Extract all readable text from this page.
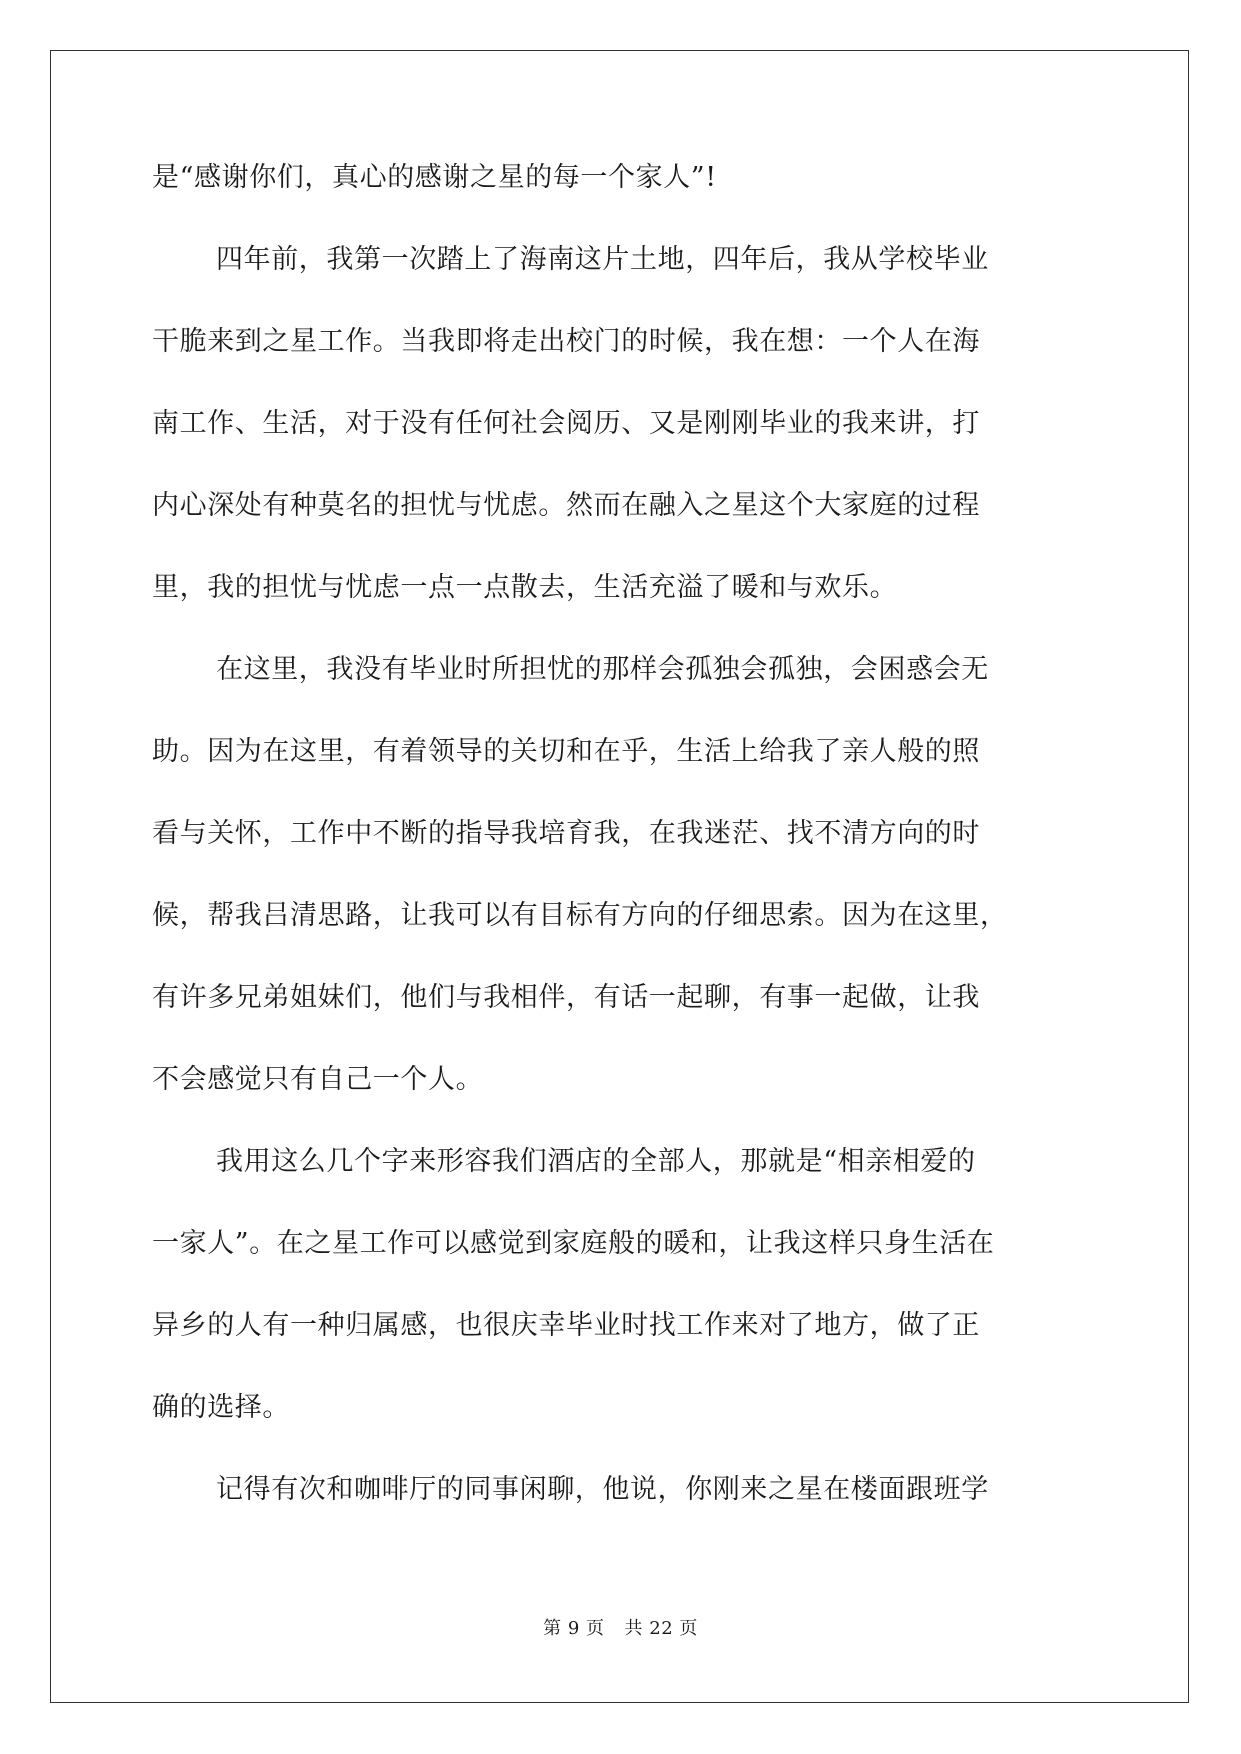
是“感谢你们，真心的感谢之星的每一个家人”!
四年前，我第一次踏上了海南这片土地，四年后，我从学校毕业
干脆来到之星工作。当我即将走出校门的时候，我在想：一个人在海
南工作、生活，对于没有任何社会阅历、又是刚刚毕业的我来讲，打
内心深处有种莫名的担忧与忧虑。然而在融入之星这个大家庭的过程
里，我的担忧与忧虑一点一点散去，生活充溢了暖和与欢乐。
在这里，我没有毕业时所担忧的那样会孤独会孤独，会困惑会无
助。因为在这里，有着领导的关切和在乎，生活上给我了亲人般的照
看与关怀，工作中不断的指导我培育我，在我迷茫、找不清方向的时
候，帮我吕清思路，让我可以有目标有方向的仔细思索。因为在这里，
有许多兄弟姐妹们，他们与我相伴，有话一起聊，有事一起做，让我
不会感觉只有自己一个人。
我用这么几个字来形容我们酒店的全部人，那就是“相亲相爱的
一家人”。在之星工作可以感觉到家庭般的暖和，让我这样只身生活在
异乡的人有一种归属感，也很庆幸毕业时找工作来对了地方，做了正
确的选择。
记得有次和咖啡厅的同事闲聊，他说，你刚来之星在楼面跟班学
第 9 页 共 22 页
